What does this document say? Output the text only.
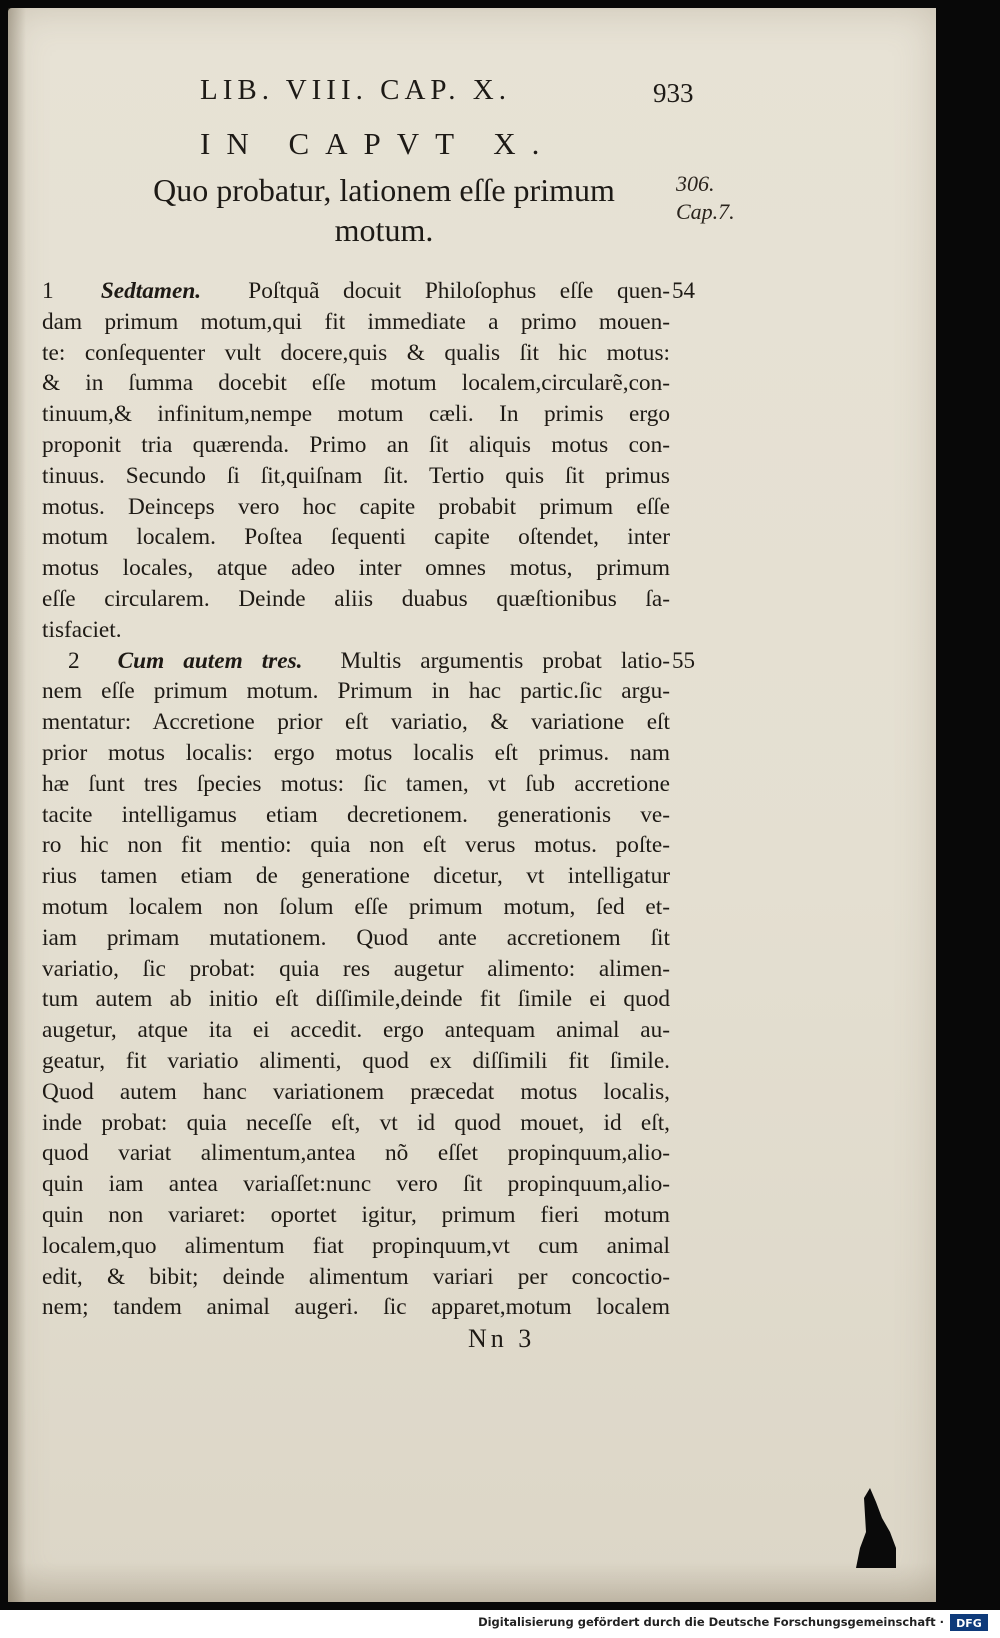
LIB. VIII. CAP. X.	933
IN CAPVT X.
Quo probatur, lationem eſſe primum
motum.
306.
Cap.7.
54
55
1 Sedtamen. Poſtquã docuit Philoſophus eſſe quen-
dam primum motum,qui fit immediate a primo mouen-
te: conſequenter vult docere,quis & qualis ſit hic motus:
& in ſumma docebit eſſe motum localem,circularẽ,con-
tinuum,& infinitum,nempe motum cæli. In primis ergo
proponit tria quærenda. Primo an ſit aliquis motus con-
tinuus. Secundo ſi ſit,quiſnam ſit. Tertio quis ſit primus
motus. Deinceps vero hoc capite probabit primum eſſe
motum localem. Poſtea ſequenti capite oſtendet, inter
motus locales, atque adeo inter omnes motus, primum
eſſe circularem. Deinde aliis duabus quæſtionibus ſa-
tisfaciet.
2 Cum autem tres. Multis argumentis probat latio-
nem eſſe primum motum. Primum in hac partic.ſic argu-
mentatur: Accretione prior eſt variatio, & variatione eſt
prior motus localis: ergo motus localis eſt primus. nam
hæ ſunt tres ſpecies motus: ſic tamen, vt ſub accretione
tacite intelligamus etiam decretionem. generationis ve-
ro hic non fit mentio: quia non eſt verus motus. poſte-
rius tamen etiam de generatione dicetur, vt intelligatur
motum localem non ſolum eſſe primum motum, ſed et-
iam primam mutationem. Quod ante accretionem ſit
variatio, ſic probat: quia res augetur alimento: alimen-
tum autem ab initio eſt diſſimile,deinde fit ſimile ei quod
augetur, atque ita ei accedit. ergo antequam animal au-
geatur, fit variatio alimenti, quod ex diſſimili fit ſimile.
Quod autem hanc variationem præcedat motus localis,
inde probat: quia neceſſe eſt, vt id quod mouet, id eſt,
quod variat alimentum,antea nõ eſſet propinquum,alio-
quin iam antea variaſſet:nunc vero ſit propinquum,alio-
quin non variaret: oportet igitur, primum fieri motum
localem,quo alimentum fiat propinquum,vt cum animal
edit, & bibit; deinde alimentum variari per concoctio-
nem; tandem animal augeri. ſic apparet,motum localem
Nn 3
Digitalisierung gefördert durch die Deutsche Forschungsgemeinschaft · DFG
